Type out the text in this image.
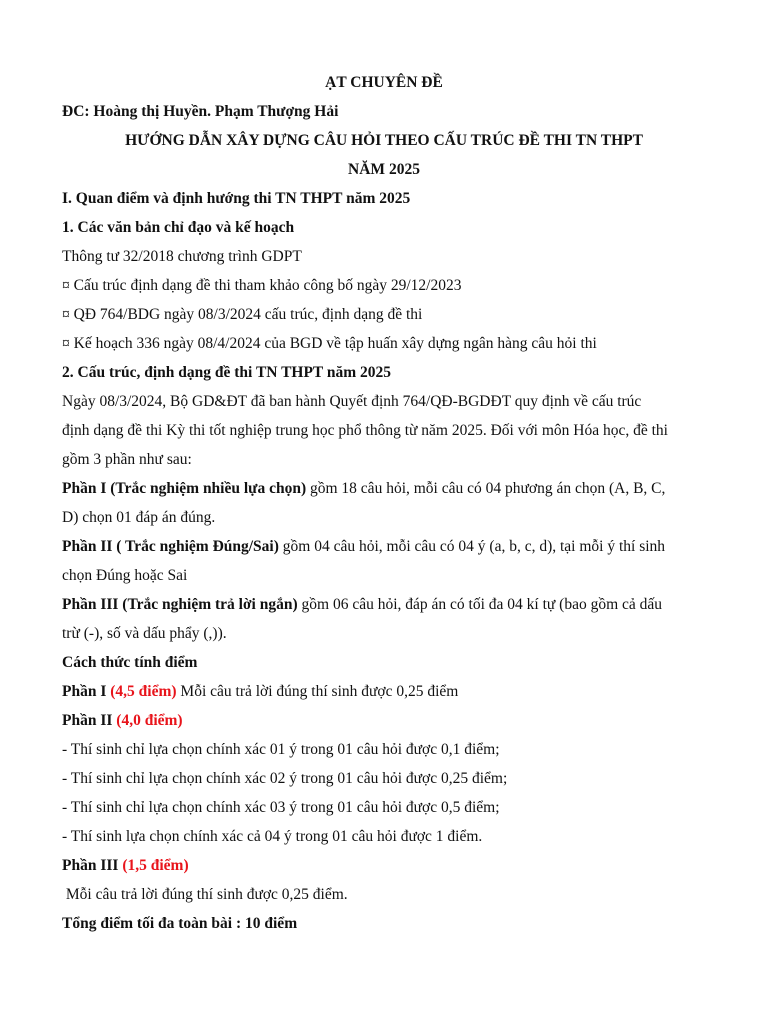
ẠT CHUYÊN ĐỀ
ĐC: Hoàng thị Huyền. Phạm Thượng Hải
HƯỚNG DẪN XÂY DỰNG CÂU HỎI THEO CẤU TRÚC ĐỀ THI TN THPT
NĂM 2025
I. Quan điểm và định hướng thi TN THPT năm 2025
1. Các văn bản chỉ đạo và kế hoạch
Thông tư 32/2018 chương trình GDPT
¤ Cấu trúc định dạng đề thi tham khảo công bố ngày 29/12/2023
¤ QĐ 764/BDG ngày 08/3/2024 cấu trúc, định dạng đề thi
¤ Kế hoạch 336 ngày 08/4/2024 của BGD về tập huấn xây dựng ngân hàng câu hỏi thi
2. Cấu trúc, định dạng đề thi TN THPT năm 2025
Ngày 08/3/2024, Bộ GD&ĐT đã ban hành Quyết định 764/QĐ-BGDĐT quy định về cấu trúc
định dạng đề thi Kỳ thi tốt nghiệp trung học phổ thông từ năm 2025. Đối với môn Hóa học, đề thi
gồm 3 phần như sau:
Phần I (Trắc nghiệm nhiều lựa chọn) gồm 18 câu hỏi, mỗi câu có 04 phương án chọn (A, B, C,
D) chọn 01 đáp án đúng.
Phần II ( Trắc nghiệm Đúng/Sai) gồm 04 câu hỏi, mỗi câu có 04 ý (a, b, c, d), tại mỗi ý thí sinh
chọn Đúng hoặc Sai
Phần III (Trắc nghiệm trả lời ngắn) gồm 06 câu hỏi, đáp án có tối đa 04 kí tự (bao gồm cả dấu
trừ (-), số và dấu phẩy (,)).
Cách thức tính điểm
Phần I (4,5 điểm) Mỗi câu trả lời đúng thí sinh được 0,25 điểm
Phần II (4,0 điểm)
- Thí sinh chỉ lựa chọn chính xác 01 ý trong 01 câu hỏi được 0,1 điểm;
- Thí sinh chỉ lựa chọn chính xác 02 ý trong 01 câu hỏi được 0,25 điểm;
- Thí sinh chỉ lựa chọn chính xác 03 ý trong 01 câu hỏi được 0,5 điểm;
- Thí sinh lựa chọn chính xác cả 04 ý trong 01 câu hỏi được 1 điểm.
Phần III (1,5 điểm)
Mỗi câu trả lời đúng thí sinh được 0,25 điểm.
Tổng điểm tối đa toàn bài : 10 điểm
